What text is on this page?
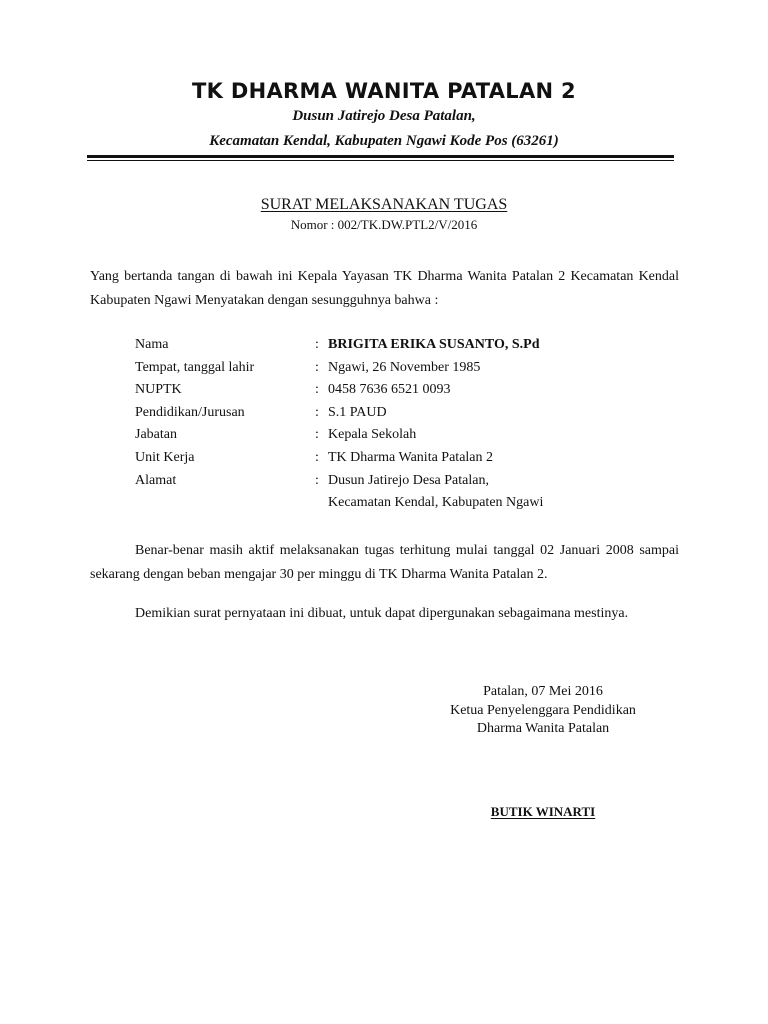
TK DHARMA WANITA PATALAN 2
Dusun Jatirejo Desa Patalan,
Kecamatan Kendal, Kabupaten Ngawi Kode Pos (63261)
SURAT MELAKSANAKAN TUGAS
Nomor : 002/TK.DW.PTL2/V/2016
Yang bertanda tangan di bawah ini Kepala Yayasan TK Dharma Wanita Patalan 2 Kecamatan Kendal Kabupaten Ngawi Menyatakan dengan sesungguhnya bahwa :
Nama	: BRIGITA ERIKA SUSANTO, S.Pd
Tempat, tanggal lahir	: Ngawi, 26 November 1985
NUPTK	: 0458 7636 6521 0093
Pendidikan/Jurusan	: S.1 PAUD
Jabatan	: Kepala Sekolah
Unit Kerja	: TK Dharma Wanita Patalan 2
Alamat	: Dusun Jatirejo Desa Patalan,
Kecamatan Kendal, Kabupaten Ngawi
Benar-benar masih aktif melaksanakan tugas terhitung mulai tanggal 02 Januari 2008 sampai sekarang dengan beban mengajar 30 per minggu di TK Dharma Wanita Patalan 2.
Demikian surat pernyataan ini dibuat, untuk dapat dipergunakan sebagaimana mestinya.
Patalan, 07 Mei 2016
Ketua Penyelenggara Pendidikan
Dharma Wanita Patalan
BUTIK WINARTI
